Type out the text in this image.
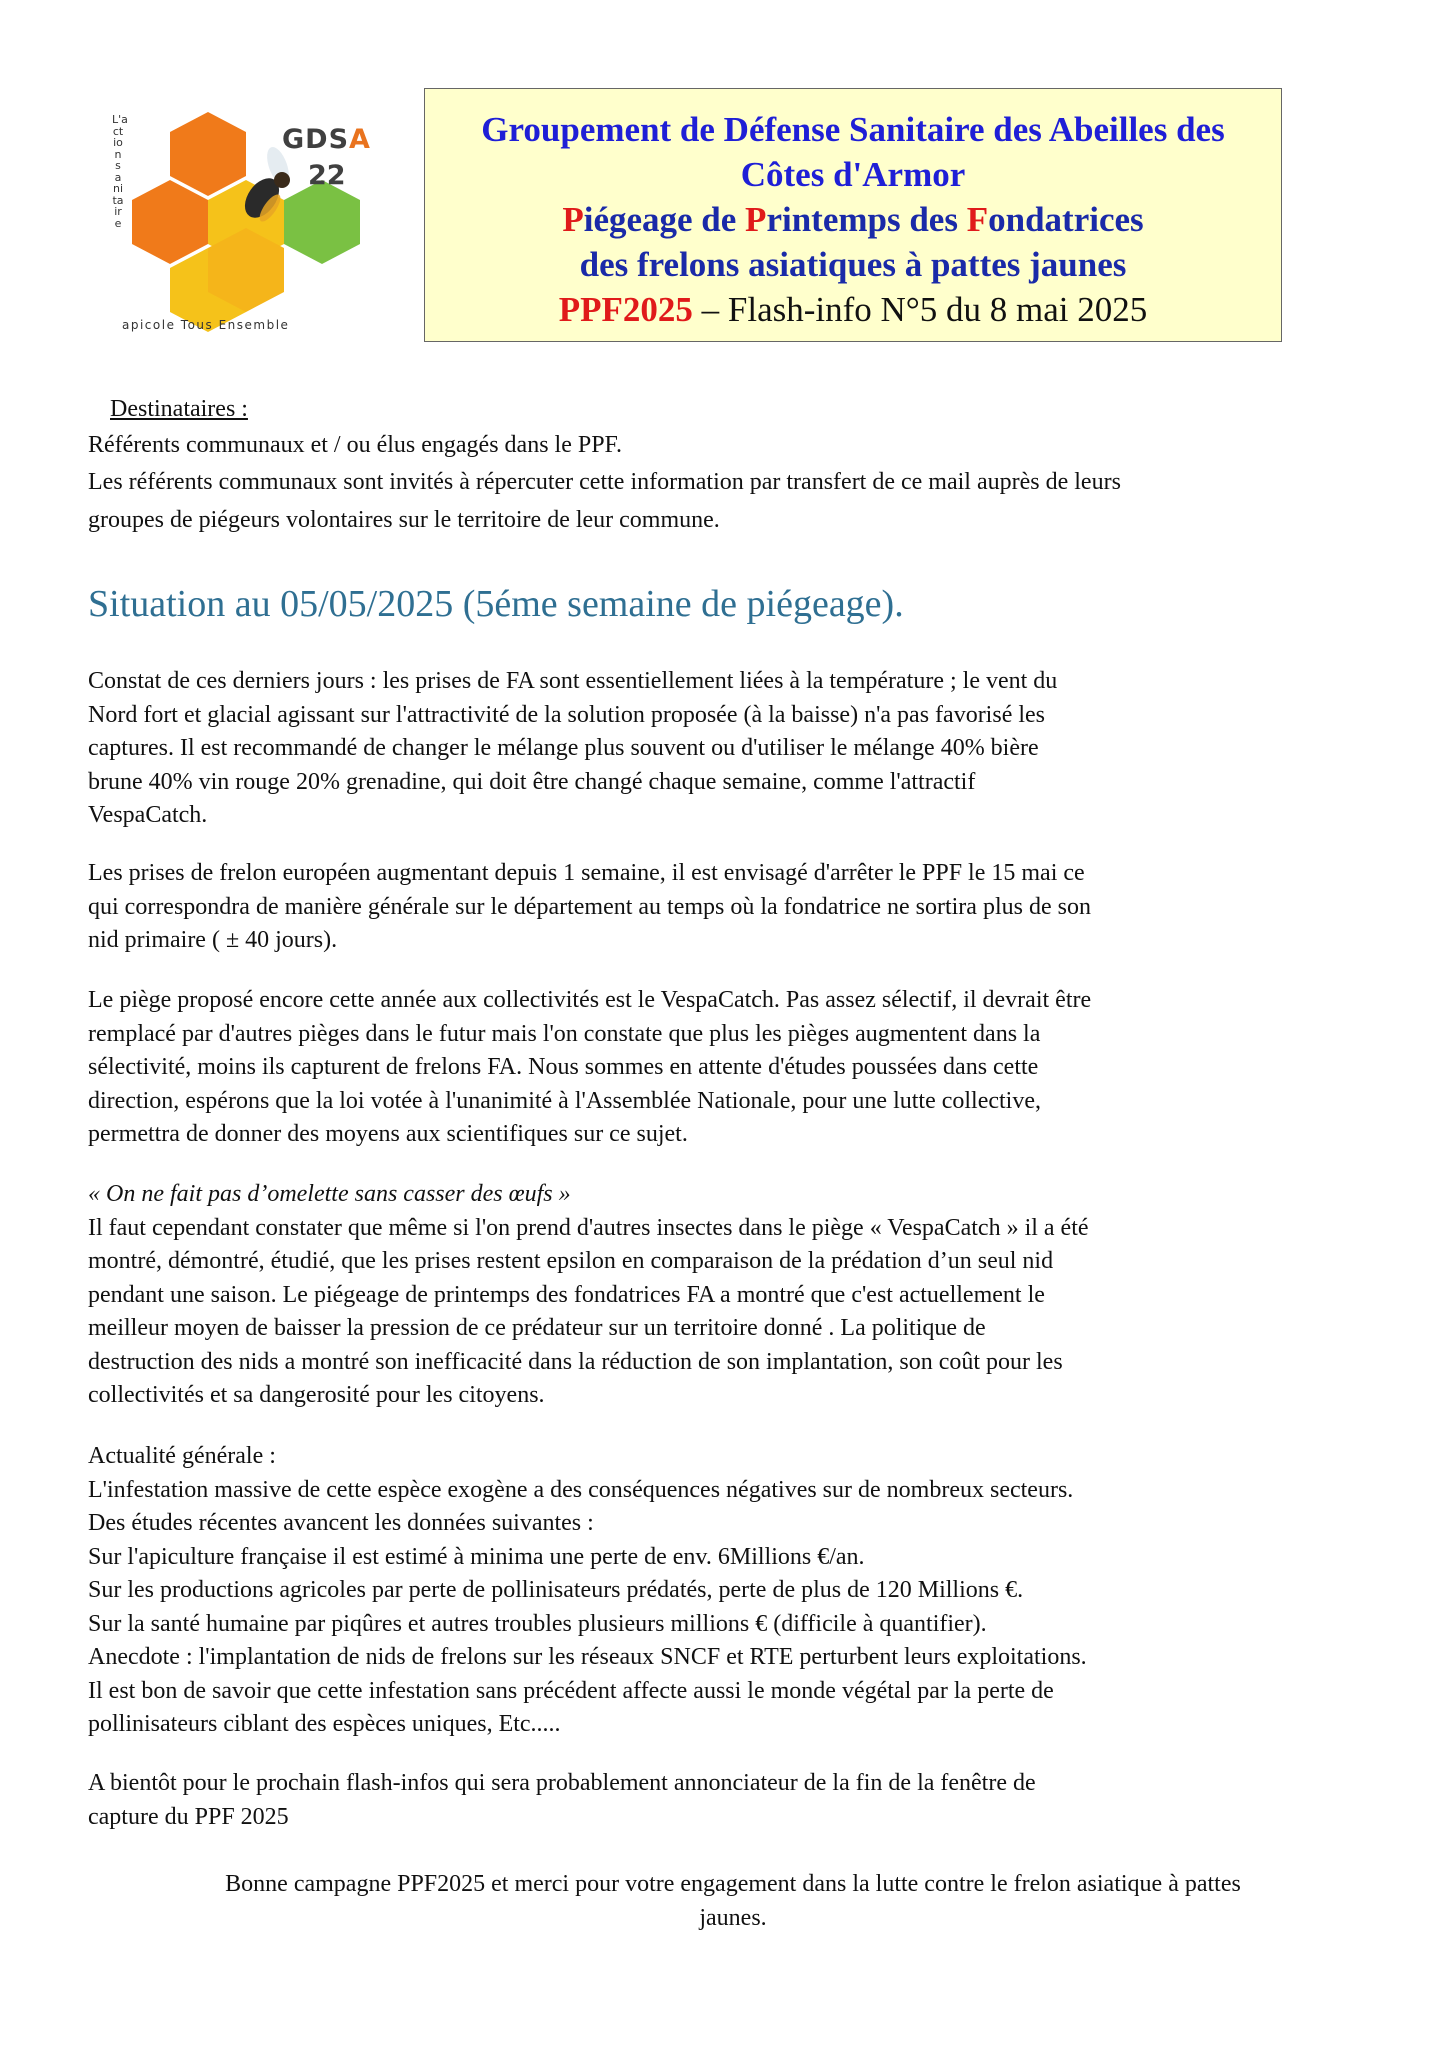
L'action sanitaire
GDSA
22
apicole Tous Ensemble
Groupement de Défense Sanitaire des Abeilles des
Côtes d'Armor
Piégeage de Printemps des Fondatrices
des frelons asiatiques à pattes jaunes
PPF2025 – Flash-info N°5 du 8 mai 2025
Destinataires :
Référents communaux et / ou élus engagés dans le PPF.
Les référents communaux sont invités à répercuter cette information par transfert de ce mail auprès de leurs
groupes de piégeurs volontaires sur le territoire de leur commune.
Situation au 05/05/2025 (5éme semaine de piégeage).
Constat de ces derniers jours : les prises de FA sont essentiellement liées à la température ; le vent du
Nord fort et glacial agissant sur l'attractivité de la solution proposée (à la baisse) n'a pas favorisé les
captures. Il est recommandé de changer le mélange plus souvent ou d'utiliser le mélange 40% bière
brune 40% vin rouge 20% grenadine, qui doit être changé chaque semaine, comme l'attractif
VespaCatch.
Les prises de frelon européen augmentant depuis 1 semaine, il est envisagé d'arrêter le PPF le 15 mai ce
qui correspondra de manière générale sur le département au temps où la fondatrice ne sortira plus de son
nid primaire ( ± 40 jours).
Le piège proposé encore cette année aux collectivités est le VespaCatch. Pas assez sélectif, il devrait être
remplacé par d'autres pièges dans le futur mais l'on constate que plus les pièges augmentent dans la
sélectivité, moins ils capturent de frelons FA. Nous sommes en attente d'études poussées dans cette
direction, espérons que la loi votée à l'unanimité à l'Assemblée Nationale, pour une lutte collective,
permettra de donner des moyens aux scientifiques sur ce sujet.
« On ne fait pas d’omelette sans casser des œufs »
Il faut cependant constater que même si l'on prend d'autres insectes dans le piège « VespaCatch » il a été
montré, démontré, étudié, que les prises restent epsilon en comparaison de la prédation d’un seul nid
pendant une saison. Le piégeage de printemps des fondatrices FA a montré que c'est actuellement le
meilleur moyen de baisser la pression de ce prédateur sur un territoire donné . La politique de
destruction des nids a montré son inefficacité dans la réduction de son implantation, son coût pour les
collectivités et sa dangerosité pour les citoyens.
Actualité générale :
L'infestation massive de cette espèce exogène a des conséquences négatives sur de nombreux secteurs.
Des études récentes avancent les données suivantes :
Sur l'apiculture française il est estimé à minima une perte de env. 6Millions €/an.
Sur les productions agricoles par perte de pollinisateurs prédatés, perte de plus de 120 Millions €.
Sur la santé humaine par piqûres et autres troubles plusieurs millions € (difficile à quantifier).
Anecdote : l'implantation de nids de frelons sur les réseaux SNCF et RTE perturbent leurs exploitations.
Il est bon de savoir que cette infestation sans précédent affecte aussi le monde végétal par la perte de
pollinisateurs ciblant des espèces uniques, Etc.....
A bientôt pour le prochain flash-infos qui sera probablement annonciateur de la fin de la fenêtre de
capture du PPF 2025
Bonne campagne PPF2025 et merci pour votre engagement dans la lutte contre le frelon asiatique à pattes
jaunes.
